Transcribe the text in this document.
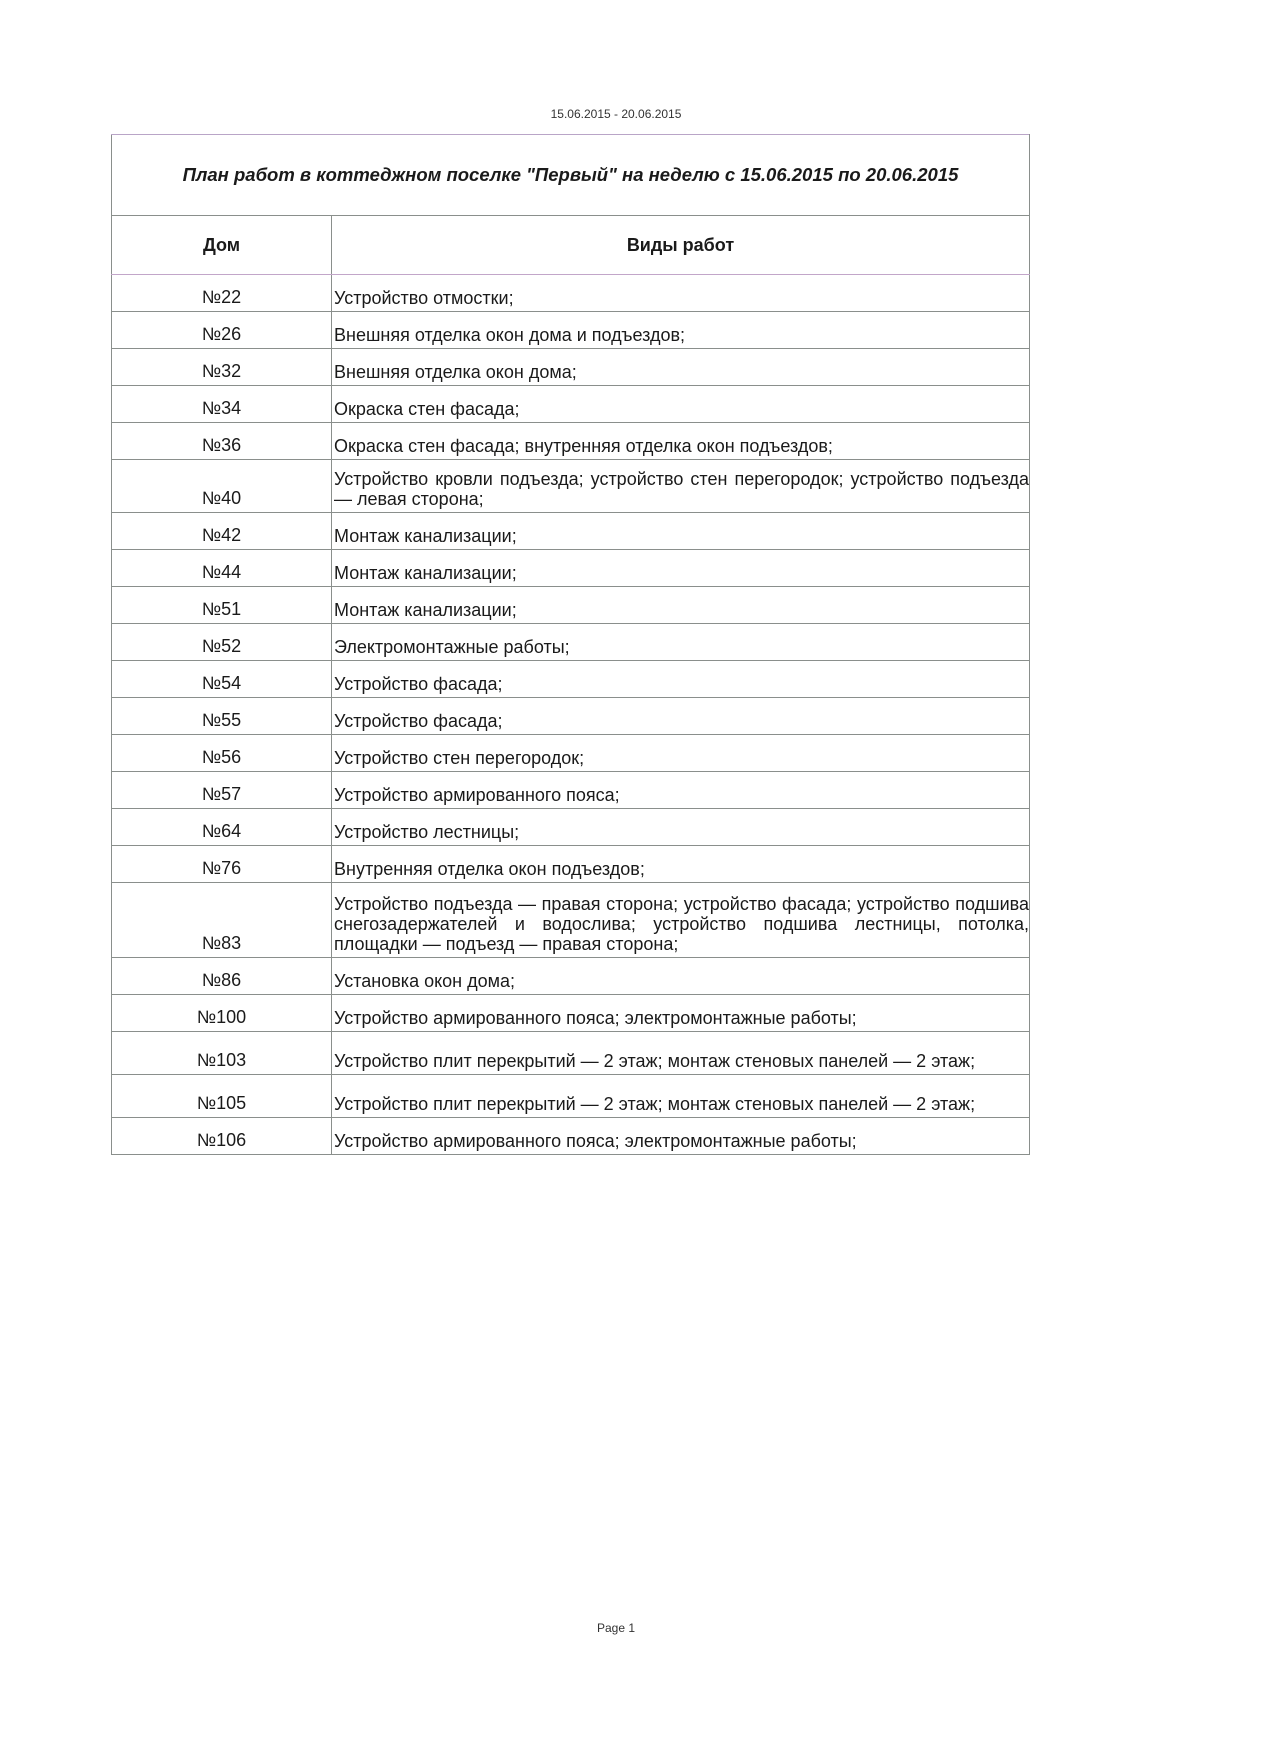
15.06.2015 - 20.06.2015
План работ в коттеджном поселке "Первый" на неделю с 15.06.2015 по 20.06.2015	
Дом	Виды работ
№22	Устройство отмостки;
№26	Внешняя отделка окон дома и подъездов;
№32	Внешняя отделка окон дома;
№34	Окраска стен фасада;
№36	Окраска стен фасада; внутренняя отделка окон подъездов;
№40	Устройство кровли подъезда; устройство стен перегородок; устройство подъезда — левая сторона;
№42	Монтаж канализации;
№44	Монтаж канализации;
№51	Монтаж канализации;
№52	Электромонтажные работы;
№54	Устройство фасада;
№55	Устройство фасада;
№56	Устройство стен перегородок;
№57	Устройство армированного пояса;
№64	Устройство лестницы;
№76	Внутренняя отделка окон подъездов;
№83	Устройство подъезда — правая сторона; устройство фасада; устройство подшива снегозадержателей и водослива; устройство подшива лестницы, потолка, площадки — подъезд — правая сторона;
№86	Установка окон дома;
№100	Устройство армированного пояса; электромонтажные работы;
№103	Устройство плит перекрытий — 2 этаж; монтаж стеновых панелей — 2 этаж;
№105	Устройство плит перекрытий — 2 этаж; монтаж стеновых панелей — 2 этаж;
№106	Устройство армированного пояса; электромонтажные работы;
Page 1
